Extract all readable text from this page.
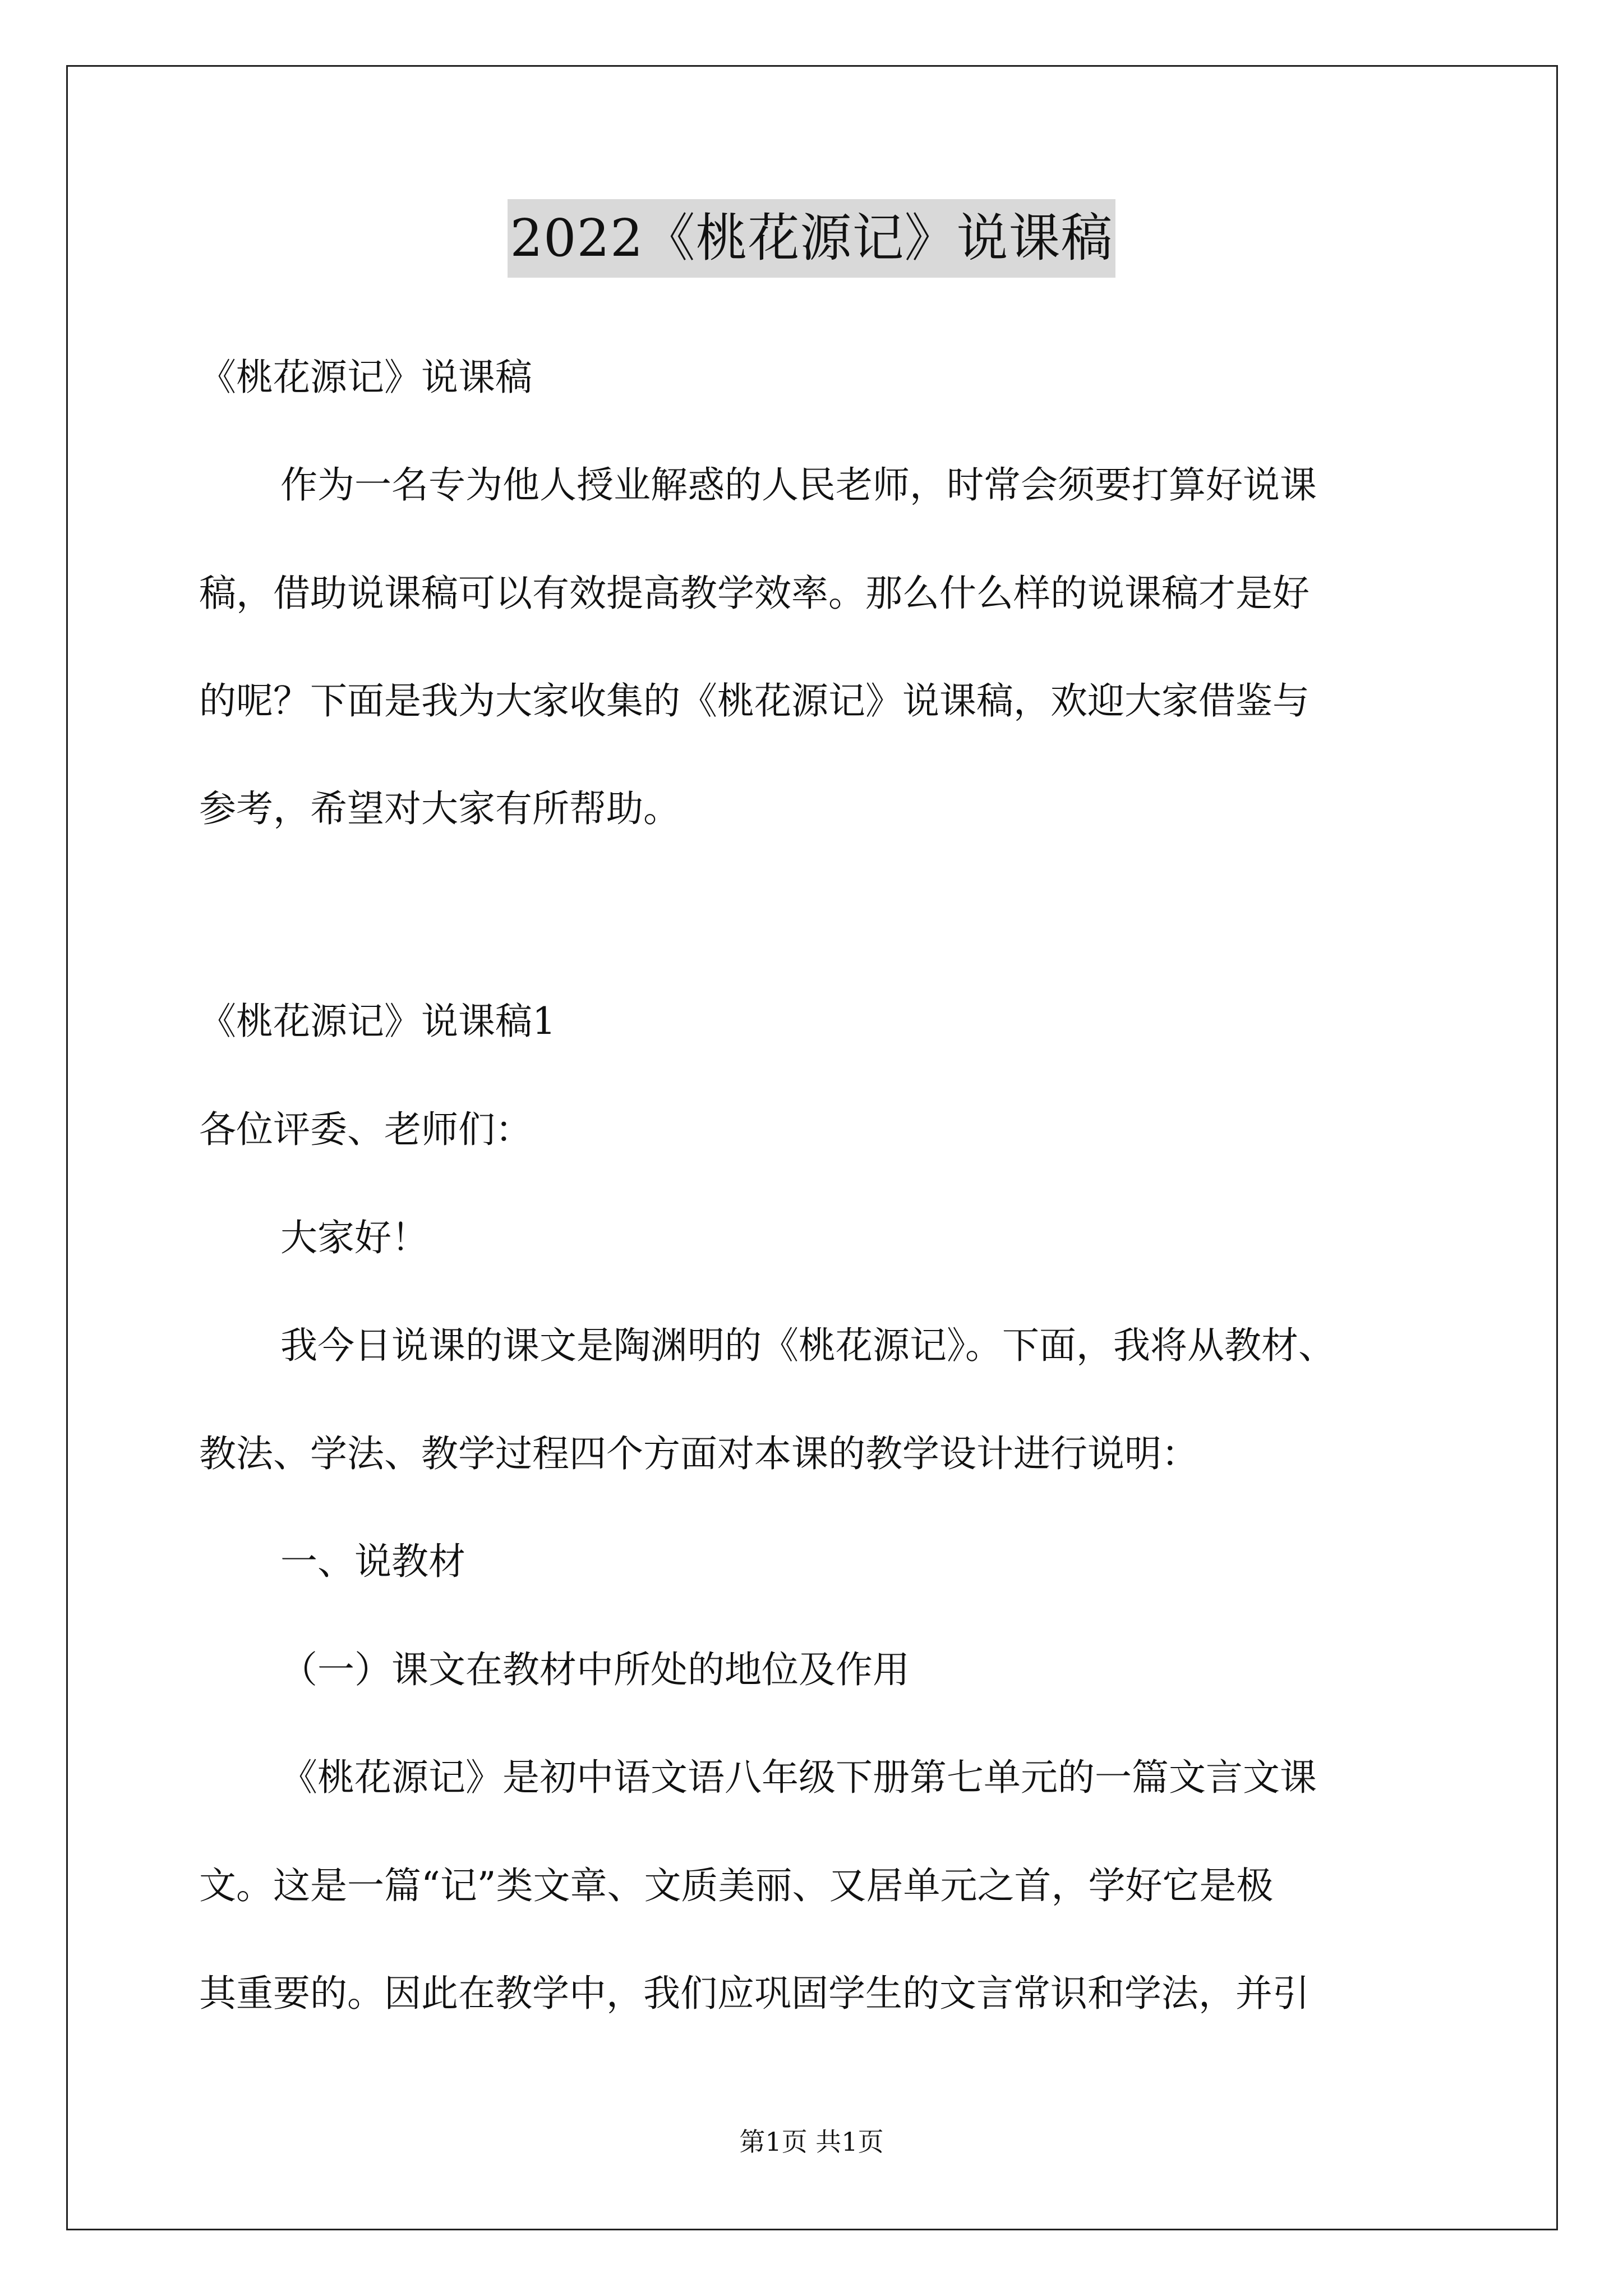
2022《桃花源记》说课稿
《桃花源记》说课稿
作为一名专为他人授业解惑的人民老师，时常会须要打算好说课
稿，借助说课稿可以有效提高教学效率。那么什么样的说课稿才是好
的呢？下面是我为大家收集的《桃花源记》说课稿，欢迎大家借鉴与
参考，希望对大家有所帮助。
《桃花源记》说课稿1
各位评委、老师们：
大家好！
我今日说课的课文是陶渊明的《桃花源记》。下面，我将从教材、
教法、学法、教学过程四个方面对本课的教学设计进行说明：
一、说教材
（一）课文在教材中所处的地位及作用
《桃花源记》是初中语文语八年级下册第七单元的一篇文言文课
文。这是一篇“记”类文章、文质美丽、又居单元之首，学好它是极
其重要的。因此在教学中，我们应巩固学生的文言常识和学法，并引
第1页 共1页
